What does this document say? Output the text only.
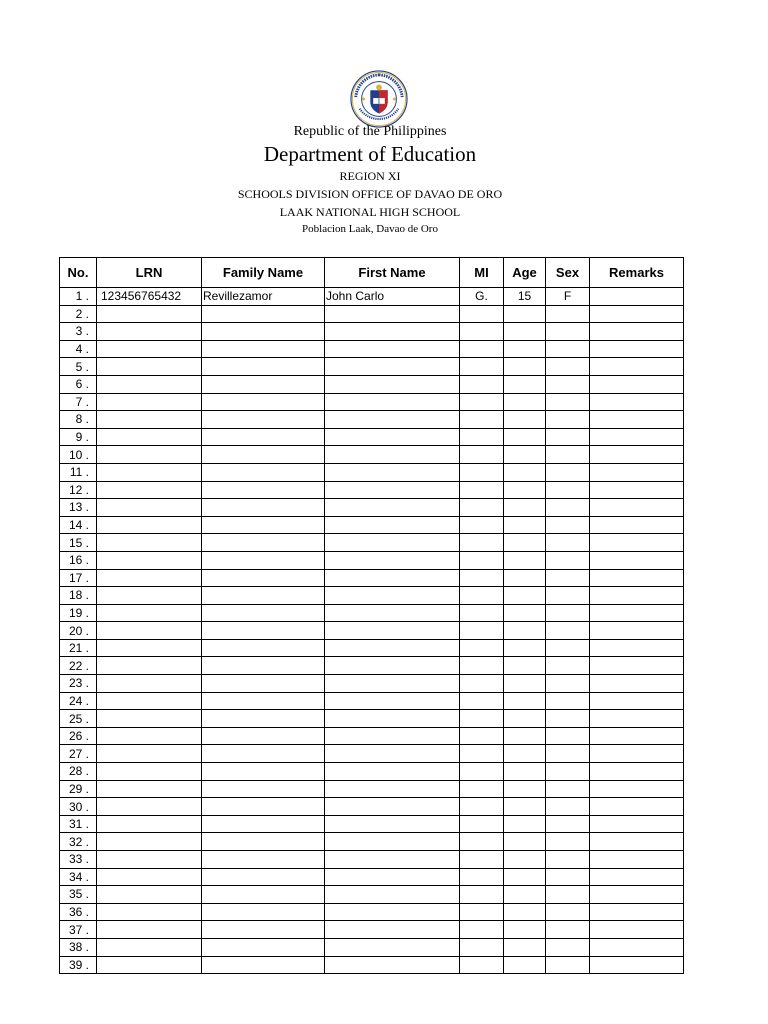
Republic of the Philippines
Department of Education
REGION XI
SCHOOLS DIVISION OFFICE OF DAVAO DE ORO
LAAK NATIONAL HIGH SCHOOL
Poblacion Laak, Davao de Oro
No.	LRN	Family Name	First Name	MI	Age	Sex	Remarks
1 .	123456765432	Revillezamor	John Carlo	G.	15	F	
2 .							
3 .							
4 .							
5 .							
6 .							
7 .							
8 .							
9 .							
10 .							
11 .							
12 .							
13 .							
14 .							
15 .							
16 .							
17 .							
18 .							
19 .							
20 .							
21 .							
22 .							
23 .							
24 .							
25 .							
26 .							
27 .							
28 .							
29 .							
30 .							
31 .							
32 .							
33 .							
34 .							
35 .							
36 .							
37 .							
38 .							
39 .							
